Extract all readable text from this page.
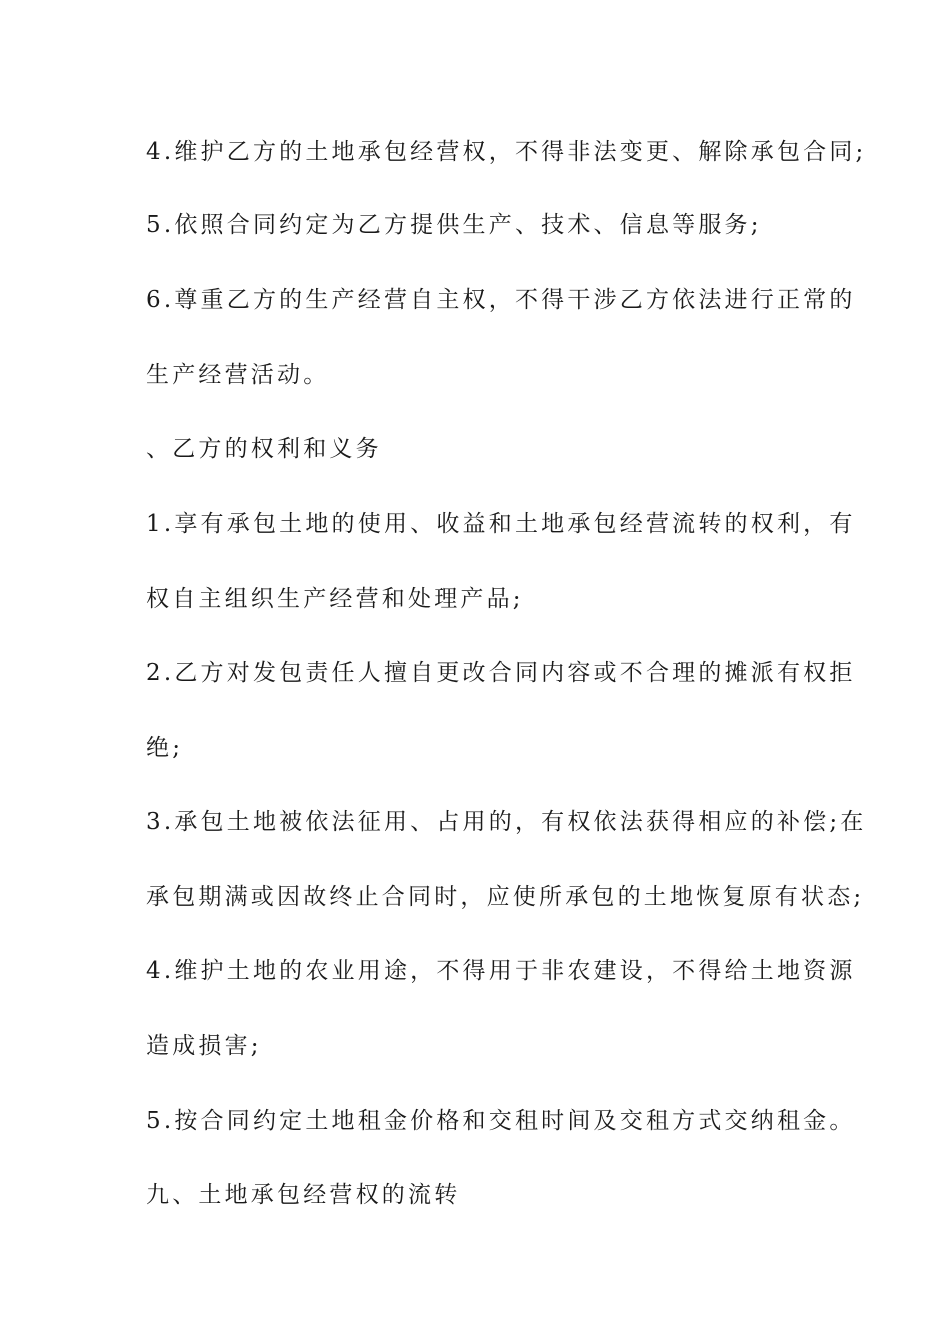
4.维护乙方的土地承包经营权，不得非法变更、解除承包合同;
5.依照合同约定为乙方提供生产、技术、信息等服务;
6.尊重乙方的生产经营自主权，不得干涉乙方依法进行正常的
生产经营活动。
、乙方的权利和义务
1.享有承包土地的使用、收益和土地承包经营流转的权利，有
权自主组织生产经营和处理产品;
2.乙方对发包责任人擅自更改合同内容或不合理的摊派有权拒
绝;
3.承包土地被依法征用、占用的，有权依法获得相应的补偿;在
承包期满或因故终止合同时，应使所承包的土地恢复原有状态;
4.维护土地的农业用途，不得用于非农建设，不得给土地资源
造成损害;
5.按合同约定土地租金价格和交租时间及交租方式交纳租金。
九、土地承包经营权的流转
